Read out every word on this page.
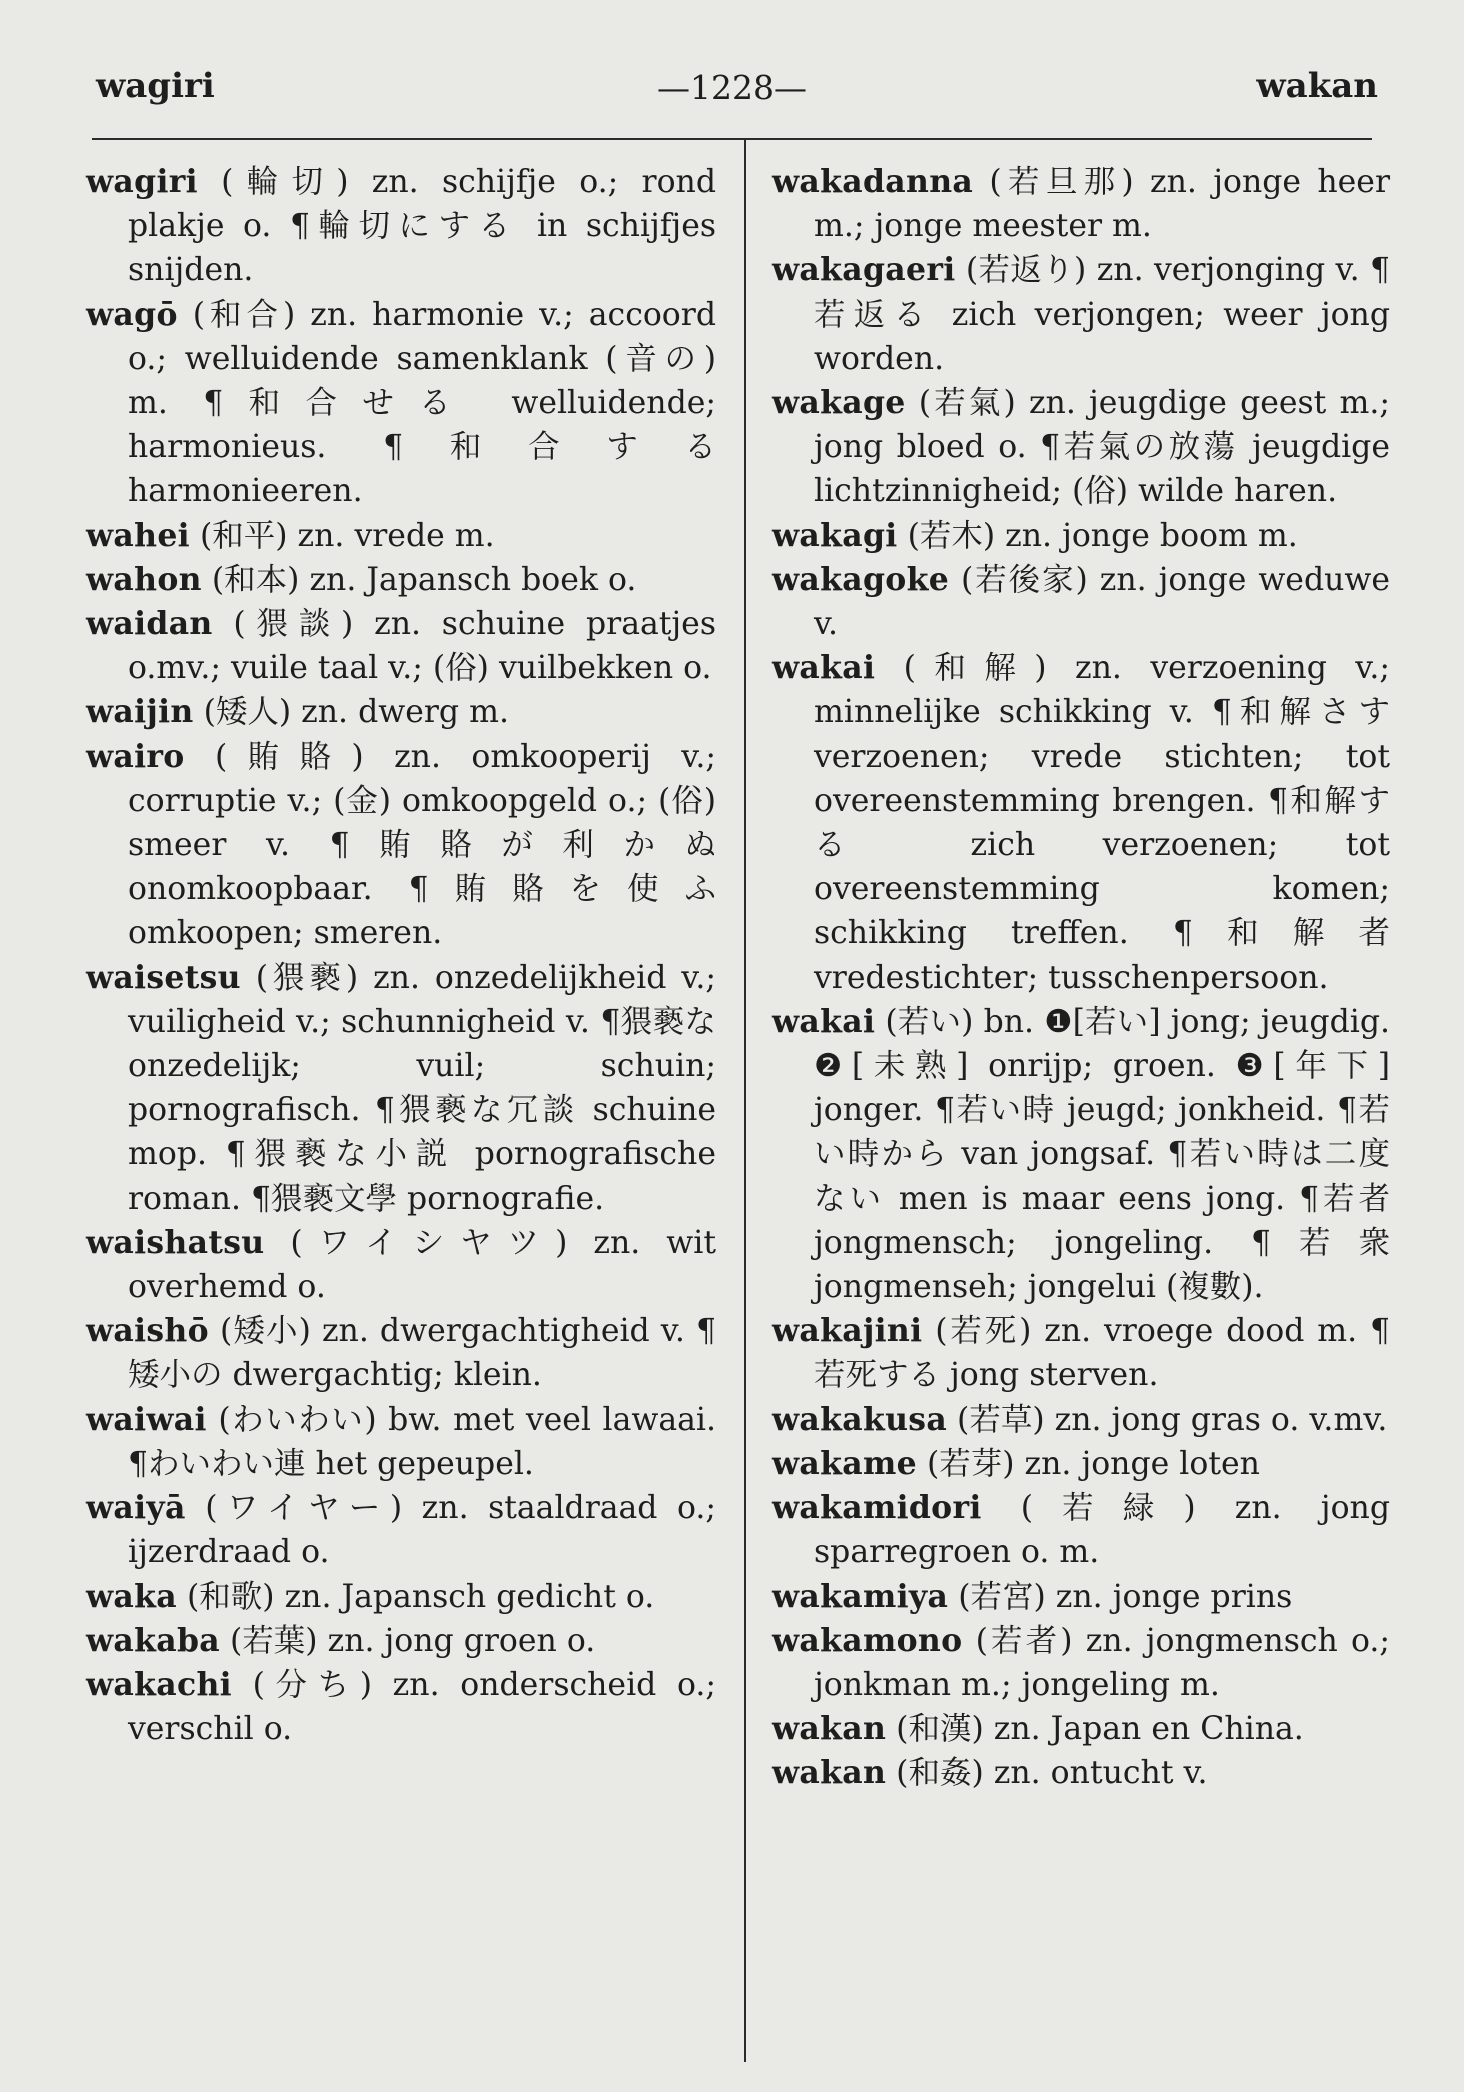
wagiri	—1228—	wakan

wagiri (輪切) zn. schijfje o.; rond plakje o. ¶輪切にする in schijfjes snijden.

wagō (和合) zn. harmonie v.; accoord o.; welluidende samenklank (音の) m. ¶和合せる welluidende; harmonieus. ¶和合する harmonieeren.

wahei (和平) zn. vrede m.

wahon (和本) zn. Japansch boek o.

waidan (猥談) zn. schuine praatjes o.mv.; vuile taal v.; (俗) vuilbekken o.

waijin (矮人) zn. dwerg m.

wairo (賄賂) zn. omkooperij v.; corruptie v.; (金) omkoopgeld o.; (俗) smeer v. ¶賄賂が利かぬ onomkoopbaar. ¶賄賂を使ふ omkoopen; smeren.

waisetsu (猥褻) zn. onzedelijkheid v.; vuiligheid v.; schunnigheid v. ¶猥褻な onzedelijk; vuil; schuin; pornografisch. ¶猥褻な冗談 schuine mop. ¶猥褻な小説 pornografische roman. ¶猥褻文學 pornografie.

waishatsu (ワイシヤツ) zn. wit overhemd o.

waishō (矮小) zn. dwergachtigheid v. ¶矮小の dwergachtig; klein.

waiwai (わいわい) bw. met veel lawaai. ¶わいわい連 het gepeupel.

waiyā (ワイヤー) zn. staaldraad o.; ijzerdraad o.

waka (和歌) zn. Japansch gedicht o.

wakaba (若葉) zn. jong groen o.

wakachi (分ち) zn. onderscheid o.; verschil o.

wakadanna (若旦那) zn. jonge heer m.; jonge meester m.

wakagaeri (若返り) zn. verjonging v. ¶若返る zich verjongen; weer jong worden.

wakage (若氣) zn. jeugdige geest m.; jong bloed o. ¶若氣の放蕩 jeugdige lichtzinnigheid; (俗) wilde haren.

wakagi (若木) zn. jonge boom m.

wakagoke (若後家) zn. jonge weduwe v.

wakai (和解) zn. verzoening v.; minnelijke schikking v. ¶和解さす verzoenen; vrede stichten; tot overeenstemming brengen. ¶和解する zich verzoenen; tot overeenstemming komen; schikking treffen. ¶和解者 vredestichter; tusschenpersoon.

wakai (若い) bn. ❶[若い] jong; jeugdig. ❷[未熟] onrijp; groen. ❸[年下] jonger. ¶若い時 jeugd; jonkheid. ¶若い時から van jongsaf. ¶若い時は二度ない men is maar eens jong. ¶若者 jongmensch; jongeling. ¶若衆 jongmenseh; jongelui (複數).

wakajini (若死) zn. vroege dood m. ¶若死する jong sterven.

wakakusa (若草) zn. jong gras o. v.mv.

wakame (若芽) zn. jonge loten

wakamidori (若緑) zn. jong sparregroen o. m.

wakamiya (若宮) zn. jonge prins

wakamono (若者) zn. jongmensch o.; jonkman m.; jongeling m.

wakan (和漢) zn. Japan en China.

wakan (和姦) zn. ontucht v.
